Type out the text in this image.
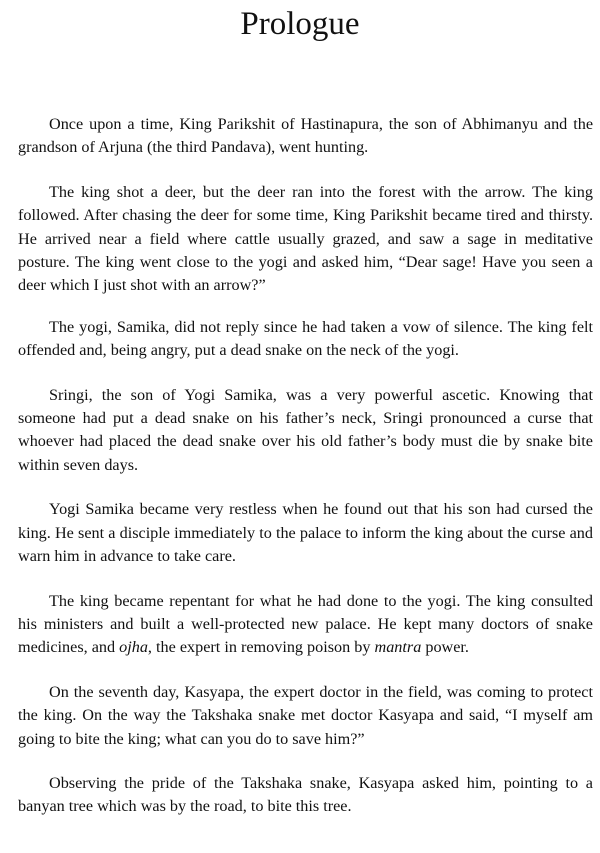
Prologue

Once upon a time, King Parikshit of Hastinapura, the son of Abhimanyu and the grandson of Arjuna (the third Pandava), went hunting.

The king shot a deer, but the deer ran into the forest with the arrow. The king followed. After chasing the deer for some time, King Parikshit became tired and thirsty. He arrived near a field where cattle usually grazed, and saw a sage in meditative posture. The king went close to the yogi and asked him, “Dear sage! Have you seen a deer which I just shot with an arrow?”

The yogi, Samika, did not reply since he had taken a vow of silence. The king felt offended and, being angry, put a dead snake on the neck of the yogi.

Sringi, the son of Yogi Samika, was a very powerful ascetic. Knowing that someone had put a dead snake on his father’s neck, Sringi pronounced a curse that whoever had placed the dead snake over his old father’s body must die by snake bite within seven days.

Yogi Samika became very restless when he found out that his son had cursed the king. He sent a disciple immediately to the palace to inform the king about the curse and warn him in advance to take care.

The king became repentant for what he had done to the yogi. The king consulted his ministers and built a well-protected new palace. He kept many doctors of snake medicines, and ojha, the expert in removing poison by mantra power.

On the seventh day, Kasyapa, the expert doctor in the field, was coming to protect the king. On the way the Takshaka snake met doctor Kasyapa and said, “I myself am going to bite the king; what can you do to save him?”

Observing the pride of the Takshaka snake, Kasyapa asked him, pointing to a banyan tree which was by the road, to bite this tree.
